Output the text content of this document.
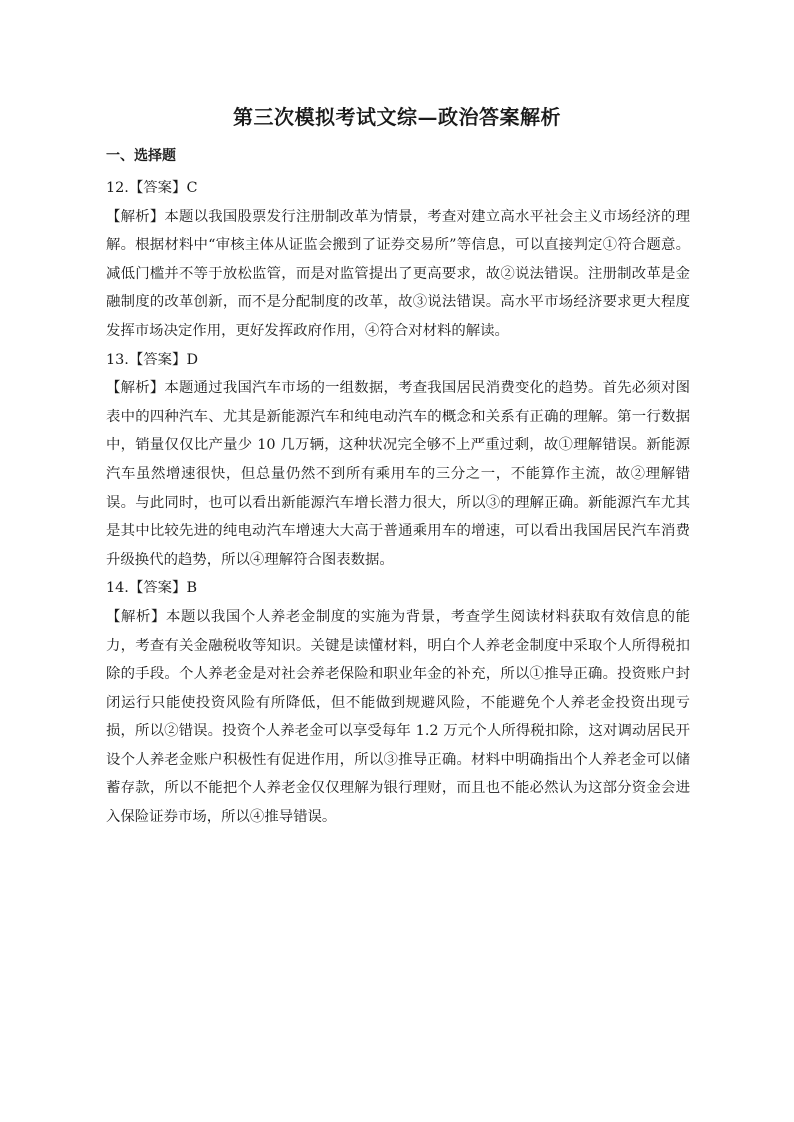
第三次模拟考试文综—政治答案解析
一、选择题

12.【答案】C

【解析】本题以我国股票发行注册制改革为情景，考查对建立高水平社会主义市场经济的理解。根据材料中“审核主体从证监会搬到了证券交易所”等信息，可以直接判定①符合题意。减低门槛并不等于放松监管，而是对监管提出了更高要求，故②说法错误。注册制改革是金融制度的改革创新，而不是分配制度的改革，故③说法错误。高水平市场经济要求更大程度发挥市场决定作用，更好发挥政府作用，④符合对材料的解读。

13.【答案】D

【解析】本题通过我国汽车市场的一组数据，考查我国居民消费变化的趋势。首先必须对图表中的四种汽车、尤其是新能源汽车和纯电动汽车的概念和关系有正确的理解。第一行数据中，销量仅仅比产量少 10 几万辆，这种状况完全够不上严重过剩，故①理解错误。新能源汽车虽然增速很快，但总量仍然不到所有乘用车的三分之一，不能算作主流，故②理解错误。与此同时，也可以看出新能源汽车增长潜力很大，所以③的理解正确。新能源汽车尤其是其中比较先进的纯电动汽车增速大大高于普通乘用车的增速，可以看出我国居民汽车消费升级换代的趋势，所以④理解符合图表数据。

14.【答案】B

【解析】本题以我国个人养老金制度的实施为背景，考查学生阅读材料获取有效信息的能力，考查有关金融税收等知识。关键是读懂材料，明白个人养老金制度中采取个人所得税扣除的手段。个人养老金是对社会养老保险和职业年金的补充，所以①推导正确。投资账户封闭运行只能使投资风险有所降低，但不能做到规避风险，不能避免个人养老金投资出现亏损，所以②错误。投资个人养老金可以享受每年 1.2 万元个人所得税扣除，这对调动居民开设个人养老金账户积极性有促进作用，所以③推导正确。材料中明确指出个人养老金可以储蓄存款，所以不能把个人养老金仅仅理解为银行理财，而且也不能必然认为这部分资金会进入保险证券市场，所以④推导错误。
